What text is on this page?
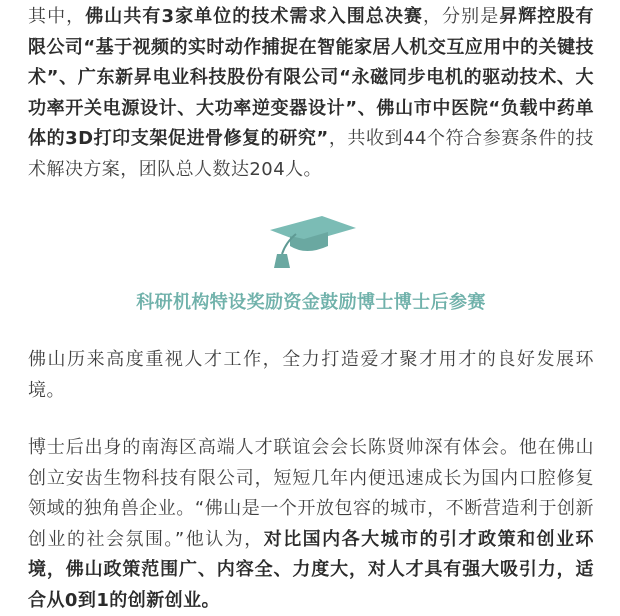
其中，佛山共有3家单位的技术需求入围总决赛，分别是昇辉控股有限公司“基于视频的实时动作捕捉在智能家居人机交互应用中的关键技术”、广东新昇电业科技股份有限公司“永磁同步电机的驱动技术、大功率开关电源设计、大功率逆变器设计”、佛山市中医院“负载中药单体的3D打印支架促进骨修复的研究”，共收到44个符合参赛条件的技术解决方案，团队总人数达204人。

科研机构特设奖励资金鼓励博士博士后参赛

佛山历来高度重视人才工作，全力打造爱才聚才用才的良好发展环境。

博士后出身的南海区高端人才联谊会会长陈贤帅深有体会。他在佛山创立安齿生物科技有限公司，短短几年内便迅速成长为国内口腔修复领域的独角兽企业。“佛山是一个开放包容的城市，不断营造利于创新创业的社会氛围。”他认为，对比国内各大城市的引才政策和创业环境，佛山政策范围广、内容全、力度大，对人才具有强大吸引力，适合从0到1的创新创业。
